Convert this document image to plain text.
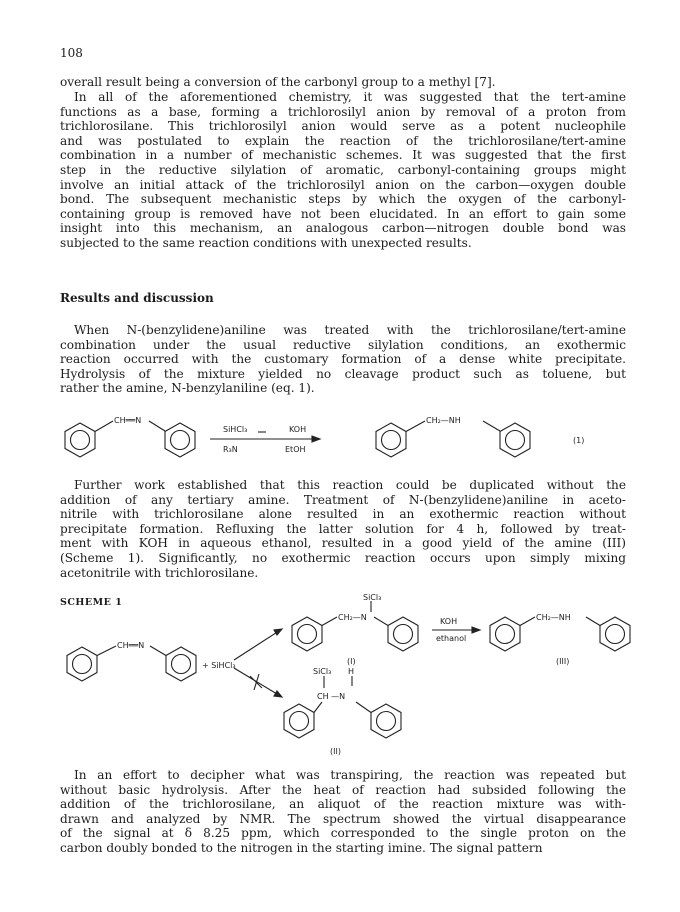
108
overall result being a conversion of the carbonyl group to a methyl [7].
In all of the aforementioned chemistry, it was suggested that the tert-amine
functions as a base, forming a trichlorosilyl anion by removal of a proton from
trichlorosilane. This trichlorosilyl anion would serve as a potent nucleophile
and was postulated to explain the reaction of the trichlorosilane/tert-amine
combination in a number of mechanistic schemes. It was suggested that the first
step in the reductive silylation of aromatic, carbonyl-containing groups might
involve an initial attack of the trichlorosilyl anion on the carbon—oxygen double
bond. The subsequent mechanistic steps by which the oxygen of the carbonyl-
containing group is removed have not been elucidated. In an effort to gain some
insight into this mechanism, an analogous carbon—nitrogen double bond was
subjected to the same reaction conditions with unexpected results.
Results and discussion
When N-(benzylidene)aniline was treated with the trichlorosilane/tert-amine
combination under the usual reductive silylation conditions, an exothermic
reaction occurred with the customary formation of a dense white precipitate.
Hydrolysis of the mixture yielded no cleavage product such as toluene, but
rather the amine, N-benzylaniline (eq. 1).
CH══N
SiHCl₃
R₃N
KOH
EtOH
CH₂—NH
(1)
Further work established that this reaction could be duplicated without the
addition of any tertiary amine. Treatment of N-(benzylidene)aniline in aceto-
nitrile with trichlorosilane alone resulted in an exothermic reaction without
precipitate formation. Refluxing the latter solution for 4 h, followed by treat-
ment with KOH in aqueous ethanol, resulted in a good yield of the amine (III)
(Scheme 1). Significantly, no exothermic reaction occurs upon simply mixing
acetonitrile with trichlorosilane.
SCHEME 1
CH══N
+ SiHCl₃
SiCl₃
CH₂—N
(I)
KOH
ethanol
CH₂—NH
(III)
SiCl₃ H
CH —N
(II)
In an effort to decipher what was transpiring, the reaction was repeated but
without basic hydrolysis. After the heat of reaction had subsided following the
addition of the trichlorosilane, an aliquot of the reaction mixture was with-
drawn and analyzed by NMR. The spectrum showed the virtual disappearance
of the signal at δ 8.25 ppm, which corresponded to the single proton on the
carbon doubly bonded to the nitrogen in the starting imine. The signal pattern
